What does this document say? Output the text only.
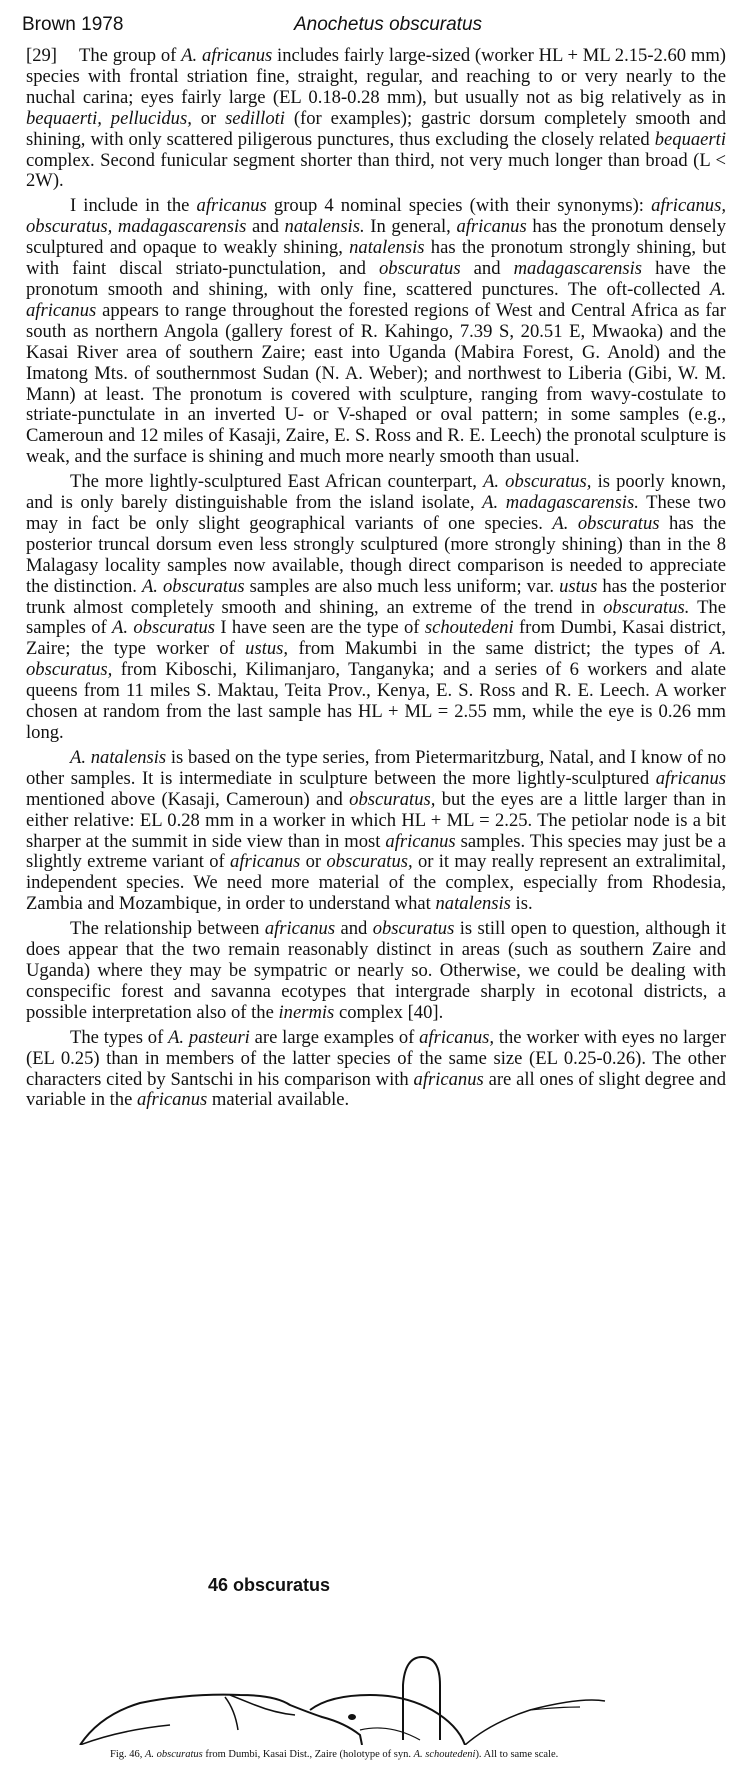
Brown 1978	Anochetus obscuratus

[29] The group of A. africanus includes fairly large-sized (worker HL + ML 2.15-2.60 mm) species with frontal striation fine, straight, regular, and reaching to or very nearly to the nuchal carina; eyes fairly large (EL 0.18-0.28 mm), but usually not as big relatively as in bequaerti, pellucidus, or sedilloti (for examples); gastric dorsum completely smooth and shining, with only scattered piligerous punctures, thus excluding the closely related bequaerti complex. Second funicular segment shorter than third, not very much longer than broad (L < 2W).

I include in the africanus group 4 nominal species (with their synonyms): africanus, obscuratus, madagascarensis and natalensis. In general, africanus has the pronotum densely sculptured and opaque to weakly shining, natalensis has the pronotum strongly shining, but with faint discal striato-punctulation, and obscuratus and madagascarensis have the pronotum smooth and shining, with only fine, scattered punctures. The oft-collected A. africanus appears to range throughout the forested regions of West and Central Africa as far south as northern Angola (gallery forest of R. Kahingo, 7.39 S, 20.51 E, Mwaoka) and the Kasai River area of southern Zaire; east into Uganda (Mabira Forest, G. Anold) and the Imatong Mts. of southernmost Sudan (N. A. Weber); and northwest to Liberia (Gibi, W. M. Mann) at least. The pronotum is covered with sculpture, ranging from wavy-costulate to striate-punctulate in an inverted U- or V-shaped or oval pattern; in some samples (e.g., Cameroun and 12 miles of Kasaji, Zaire, E. S. Ross and R. E. Leech) the pronotal sculpture is weak, and the surface is shining and much more nearly smooth than usual.

The more lightly-sculptured East African counterpart, A. obscuratus, is poorly known, and is only barely distinguishable from the island isolate, A. madagascarensis. These two may in fact be only slight geographical variants of one species. A. obscuratus has the posterior truncal dorsum even less strongly sculptured (more strongly shining) than in the 8 Malagasy locality samples now available, though direct comparison is needed to appreciate the distinction. A. obscuratus samples are also much less uniform; var. ustus has the posterior trunk almost completely smooth and shining, an extreme of the trend in obscuratus. The samples of A. obscuratus I have seen are the type of schoutedeni from Dumbi, Kasai district, Zaire; the type worker of ustus, from Makumbi in the same district; the types of A. obscuratus, from Kiboschi, Kilimanjaro, Tanganyka; and a series of 6 workers and alate queens from 11 miles S. Maktau, Teita Prov., Kenya, E. S. Ross and R. E. Leech. A worker chosen at random from the last sample has HL + ML = 2.55 mm, while the eye is 0.26 mm long.

A. natalensis is based on the type series, from Pietermaritzburg, Natal, and I know of no other samples. It is intermediate in sculpture between the more lightly-sculptured africanus mentioned above (Kasaji, Cameroun) and obscuratus, but the eyes are a little larger than in either relative: EL 0.28 mm in a worker in which HL + ML = 2.25. The petiolar node is a bit sharper at the summit in side view than in most africanus samples. This species may just be a slightly extreme variant of africanus or obscuratus, or it may really represent an extralimital, independent species. We need more material of the complex, especially from Rhodesia, Zambia and Mozambique, in order to understand what natalensis is.

The relationship between africanus and obscuratus is still open to question, although it does appear that the two remain reasonably distinct in areas (such as southern Zaire and Uganda) where they may be sympatric or nearly so. Otherwise, we could be dealing with conspecific forest and savanna ecotypes that intergrade sharply in ecotonal districts, a possible interpretation also of the inermis complex [40].

The types of A. pasteuri are large examples of africanus, the worker with eyes no larger (EL 0.25) than in members of the latter species of the same size (EL 0.25-0.26). The other characters cited by Santschi in his comparison with africanus are all ones of slight degree and variable in the africanus material available.

46 obscuratus
Fig. 46, A. obscuratus from Dumbi, Kasai Dist., Zaire (holotype of syn. A. schoutedeni). All to same scale.
